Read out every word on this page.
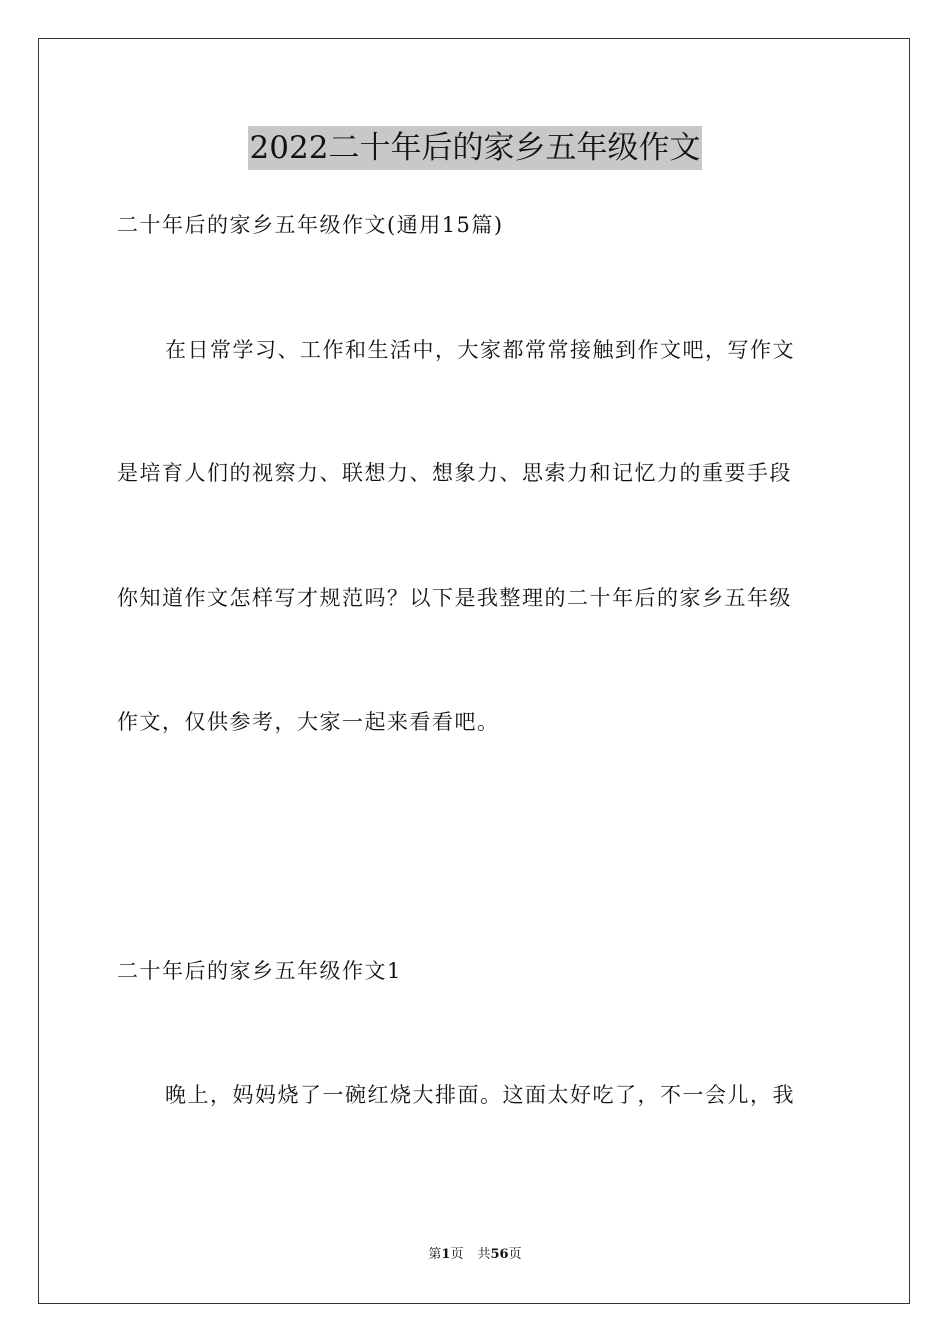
2022二十年后的家乡五年级作文
二十年后的家乡五年级作文(通用15篇)
在日常学习、工作和生活中，大家都常常接触到作文吧，写作文
是培育人们的视察力、联想力、想象力、思索力和记忆力的重要手段
你知道作文怎样写才规范吗？以下是我整理的二十年后的家乡五年级
作文，仅供参考，大家一起来看看吧。
二十年后的家乡五年级作文1
晚上，妈妈烧了一碗红烧大排面。这面太好吃了，不一会儿，我
第1页 共56页
